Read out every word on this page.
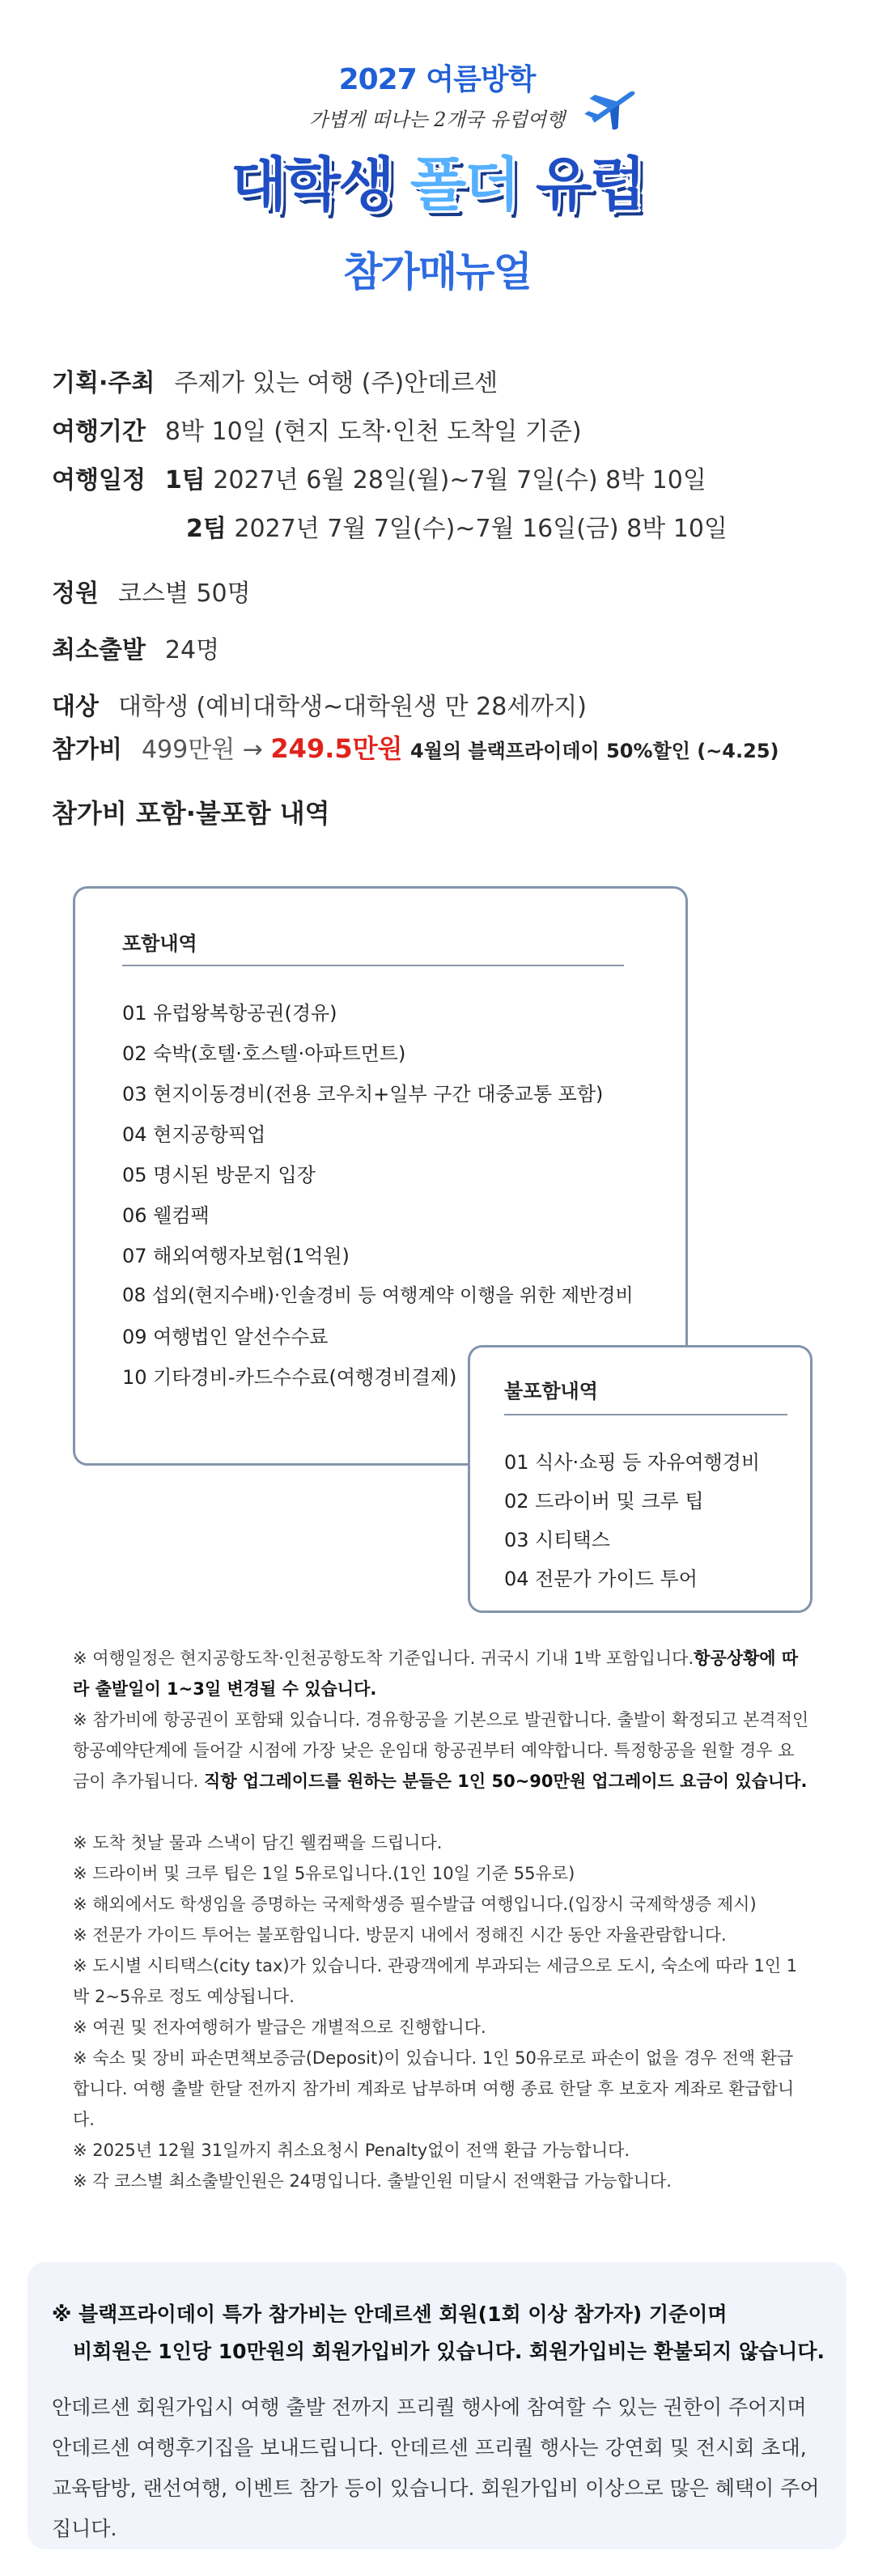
2027 여름방학
가볍게 떠나는 2개국 유럽여행
대학생 폴더 유럽
참가매뉴얼
기획·주최 주제가 있는 여행 (주)안데르센
여행기간 8박 10일 (현지 도착·인천 도착일 기준)
여행일정 1팀 2027년 6월 28일(월)~7월 7일(수) 8박 10일
2팀 2027년 7월 7일(수)~7월 16일(금) 8박 10일
정원 코스별 50명
최소출발 24명
대상 대학생 (예비대학생~대학원생 만 28세까지)
참가비 499만원 → 249.5만원 4월의 블랙프라이데이 50%할인 (~4.25)
참가비 포함·불포함 내역
포함내역
01 유럽왕복항공권(경유)
02 숙박(호텔·호스텔·아파트먼트)
03 현지이동경비(전용 코우치+일부 구간 대중교통 포함)
04 현지공항픽업
05 명시된 방문지 입장
06 웰컴팩
07 해외여행자보험(1억원)
08 섭외(현지수배)·인솔경비 등 여행계약 이행을 위한 제반경비
09 여행법인 알선수수료
10 기타경비-카드수수료(여행경비결제)
불포함내역
01 식사·쇼핑 등 자유여행경비
02 드라이버 및 크루 팁
03 시티택스
04 전문가 가이드 투어
※ 여행일정은 현지공항도착·인천공항도착 기준입니다. 귀국시 기내 1박 포함입니다.항공상황에 따라 출발일이 1~3일 변경될 수 있습니다.
※ 참가비에 항공권이 포함돼 있습니다. 경유항공을 기본으로 발권합니다. 출발이 확정되고 본격적인 항공예약단계에 들어갈 시점에 가장 낮은 운임대 항공권부터 예약합니다. 특정항공을 원할 경우 요금이 추가됩니다. 직항 업그레이드를 원하는 분들은 1인 50~90만원 업그레이드 요금이 있습니다.
※ 도착 첫날 물과 스낵이 담긴 웰컴팩을 드립니다.
※ 드라이버 및 크루 팁은 1일 5유로입니다.(1인 10일 기준 55유로)
※ 해외에서도 학생임을 증명하는 국제학생증 필수발급 여행입니다.(입장시 국제학생증 제시)
※ 전문가 가이드 투어는 불포함입니다. 방문지 내에서 정해진 시간 동안 자율관람합니다.
※ 도시별 시티택스(city tax)가 있습니다. 관광객에게 부과되는 세금으로 도시, 숙소에 따라 1인 1박 2~5유로 정도 예상됩니다.
※ 여권 및 전자여행허가 발급은 개별적으로 진행합니다.
※ 숙소 및 장비 파손면책보증금(Deposit)이 있습니다. 1인 50유로로 파손이 없을 경우 전액 환급합니다. 여행 출발 한달 전까지 참가비 계좌로 납부하며 여행 종료 한달 후 보호자 계좌로 환급합니다.
※ 2025년 12월 31일까지 취소요청시 Penalty없이 전액 환급 가능합니다.
※ 각 코스별 최소출발인원은 24명입니다. 출발인원 미달시 전액환급 가능합니다.
※ 블랙프라이데이 특가 참가비는 안데르센 회원(1회 이상 참가자) 기준이며
비회원은 1인당 10만원의 회원가입비가 있습니다. 회원가입비는 환불되지 않습니다.
안데르센 회원가입시 여행 출발 전까지 프리퀄 행사에 참여할 수 있는 권한이 주어지며 안데르센 여행후기집을 보내드립니다. 안데르센 프리퀄 행사는 강연회 및 전시회 초대, 교육탐방, 랜선여행, 이벤트 참가 등이 있습니다. 회원가입비 이상으로 많은 혜택이 주어집니다.
